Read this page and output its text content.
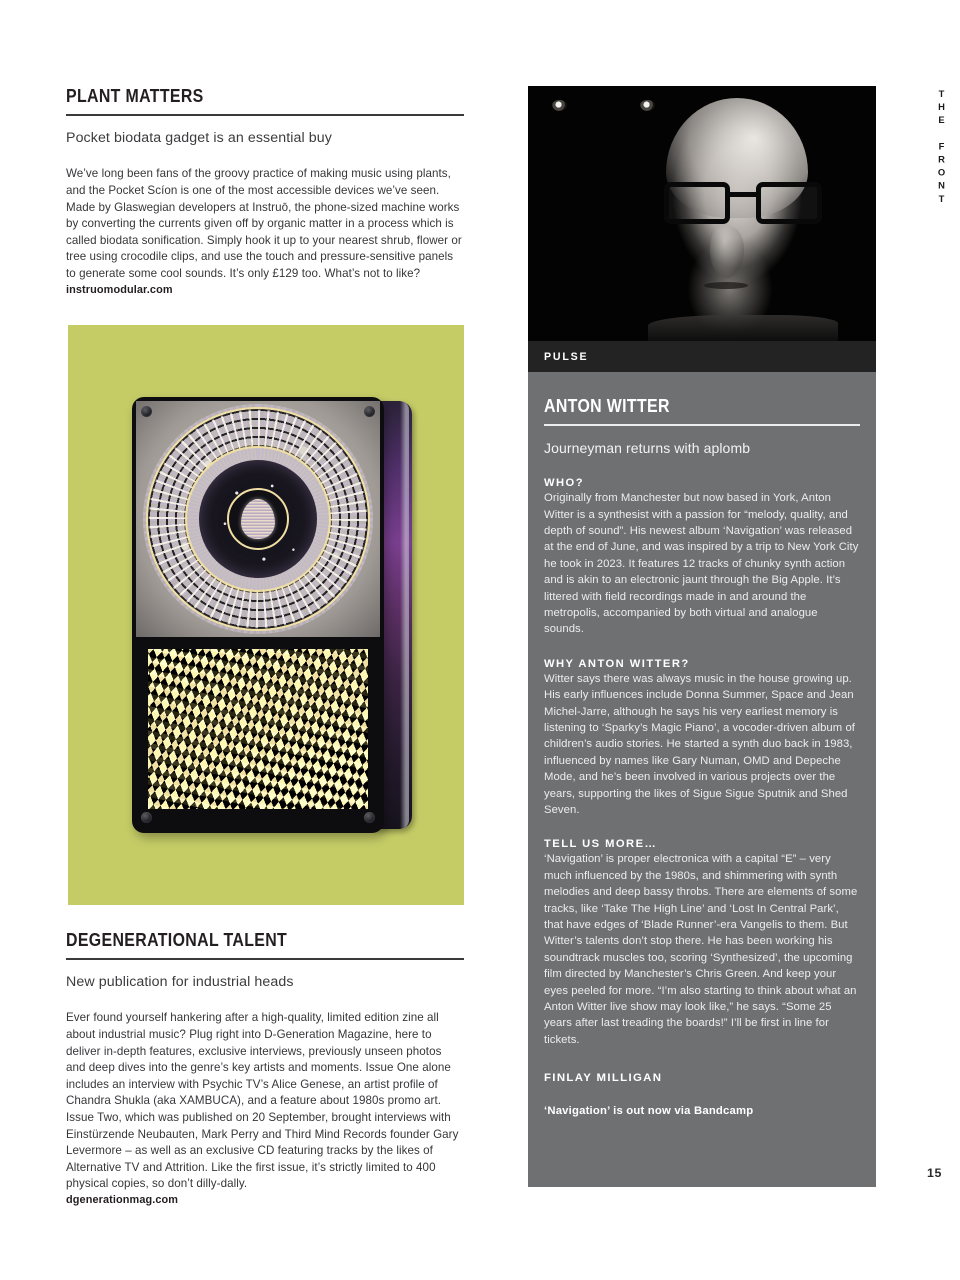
PLANT MATTERS
Pocket biodata gadget is an essential buy

We’ve long been fans of the groovy practice of making music using plants, and the Pocket Scíon is one of the most accessible devices we’ve seen. Made by Glaswegian developers at Instruō, the phone-sized machine works by converting the currents given off by organic matter in a process which is called biodata sonification. Simply hook it up to your nearest shrub, flower or tree using crocodile clips, and use the touch and pressure-sensitive panels to generate some cool sounds. It’s only £129 too. What’s not to like?

instruomodular.com
DEGENERATIONAL TALENT
New publication for industrial heads

Ever found yourself hankering after a high-quality, limited edition zine all about industrial music? Plug right into D-Generation Magazine, here to deliver in-depth features, exclusive interviews, previously unseen photos and deep dives into the genre’s key artists and moments. Issue One alone includes an interview with Psychic TV’s Alice Genese, an artist profile of Chandra Shukla (aka XAMBUCA), and a feature about 1980s promo art. Issue Two, which was published on 20 September, brought interviews with Einstürzende Neubauten, Mark Perry and Third Mind Records founder Gary Levermore – as well as an exclusive CD featuring tracks by the likes of Alternative TV and Attrition. Like the first issue, it’s strictly limited to 400 physical copies, so don’t dilly-dally.

dgenerationmag.com
PULSE
ANTON WITTER
Journeyman returns with aplomb
WHO?
Originally from Manchester but now based in York, Anton Witter is a synthesist with a passion for “melody, quality, and depth of sound”. His newest album ‘Navigation’ was released at the end of June, and was inspired by a trip to New York City he took in 2023. It features 12 tracks of chunky synth action and is akin to an electronic jaunt through the Big Apple. It’s littered with field recordings made in and around the metropolis, accompanied by both virtual and analogue sounds.
WHY ANTON WITTER?
Witter says there was always music in the house growing up. His early influences include Donna Summer, Space and Jean Michel-Jarre, although he says his very earliest memory is listening to ‘Sparky’s Magic Piano’, a vocoder-driven album of children’s audio stories. He started a synth duo back in 1983, influenced by names like Gary Numan, OMD and Depeche Mode, and he’s been involved in various projects over the years, supporting the likes of Sigue Sigue Sputnik and Shed Seven.
TELL US MORE…
‘Navigation’ is proper electronica with a capital “E” – very much influenced by the 1980s, and shimmering with synth melodies and deep bassy throbs. There are elements of some tracks, like ‘Take The High Line’ and ‘Lost In Central Park’, that have edges of ‘Blade Runner’-era Vangelis to them. But Witter’s talents don’t stop there. He has been working his soundtrack muscles too, scoring ‘Synthesized’, the upcoming film directed by Manchester’s Chris Green. And keep your eyes peeled for more. “I’m also starting to think about what an Anton Witter live show may look like,” he says. “Some 25 years after last treading the boards!” I’ll be first in line for tickets.
FINLAY MILLIGAN
‘Navigation’ is out now via Bandcamp
THE FRONT
15
